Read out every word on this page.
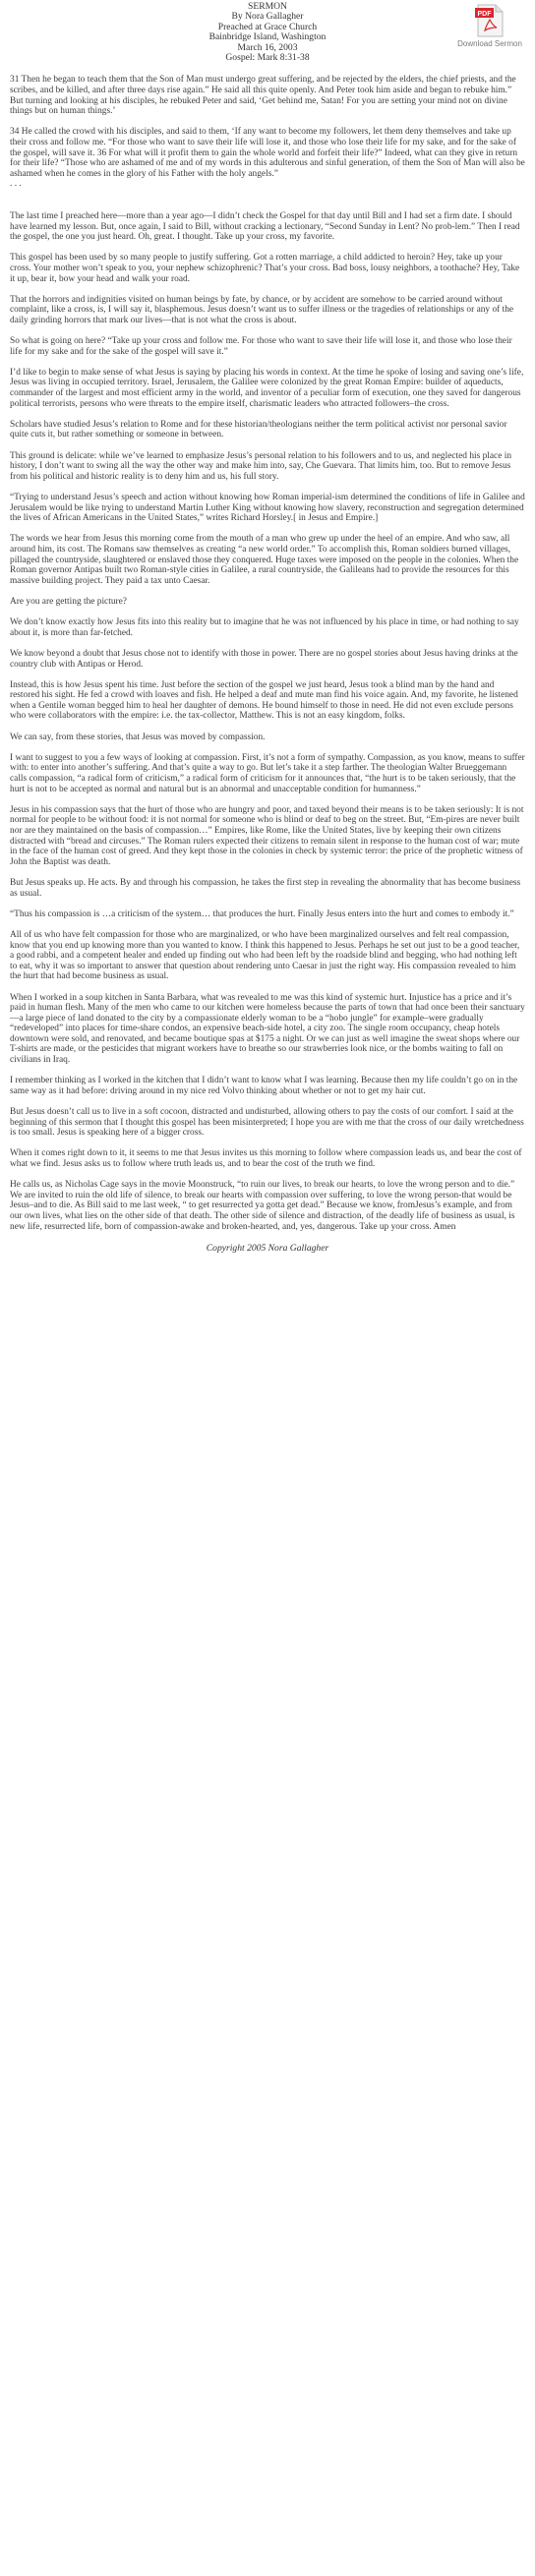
PDF
Download Sermon
SERMON
By Nora Gallagher
Preached at Grace Church
Bainbridge Island, Washington
March 16, 2003
Gospel: Mark 8:31-38

31 Then he began to teach them that the Son of Man must undergo great suffering, and be rejected by the elders, the chief priests, and the scribes, and be killed, and after three days rise again.” He said all this quite openly. And Peter took him aside and began to rebuke him.” But turning and looking at his disciples, he rebuked Peter and said, ‘Get behind me, Satan! For you are setting your mind not on divine things but on human things.’

34 He called the crowd with his disciples, and said to them, ‘If any want to become my followers, let them deny themselves and take up their cross and follow me. “For those who want to save their life will lose it, and those who lose their life for my sake, and for the sake of the gospel, will save it. 36 For what will it profit them to gain the whole world and forfeit their life?” Indeed, what can they give in return for their life? “Those who are ashamed of me and of my words in this adulterous and sinful generation, of them the Son of Man will also be ashamed when he comes in the glory of his Father with the holy angels.”

. . .

The last time I preached here—more than a year ago—I didn’t check the Gospel for that day until Bill and I had set a firm date. I should have learned my lesson. But, once again, I said to Bill, without cracking a lectionary, “Second Sunday in Lent? No prob-lem.” Then I read the gospel, the one you just heard. Oh, great. I thought. Take up your cross, my favorite.

This gospel has been used by so many people to justify suffering. Got a rotten marriage, a child addicted to heroin? Hey, take up your cross. Your mother won’t speak to you, your nephew schizophrenic? That’s your cross. Bad boss, lousy neighbors, a toothache? Hey, Take it up, bear it, bow your head and walk your road.

That the horrors and indignities visited on human beings by fate, by chance, or by accident are somehow to be carried around without complaint, like a cross, is, I will say it, blasphemous. Jesus doesn’t want us to suffer illness or the tragedies of relationships or any of the daily grinding horrors that mark our lives—that is not what the cross is about.

So what is going on here? “Take up your cross and follow me. For those who want to save their life will lose it, and those who lose their life for my sake and for the sake of the gospel will save it.”

I’d like to begin to make sense of what Jesus is saying by placing his words in context. At the time he spoke of losing and saving one’s life, Jesus was living in occupied territory. Israel, Jerusalem, the Galilee were colonized by the great Roman Empire: builder of aqueducts, commander of the largest and most efficient army in the world, and inventor of a peculiar form of execution, one they saved for dangerous political terrorists, persons who were threats to the empire itself, charismatic leaders who attracted followers–the cross.

Scholars have studied Jesus’s relation to Rome and for these historian/theologians neither the term political activist nor personal savior quite cuts it, but rather something or someone in between.

This ground is delicate: while we’ve learned to emphasize Jesus’s personal relation to his followers and to us, and neglected his place in history, I don’t want to swing all the way the other way and make him into, say, Che Guevara. That limits him, too. But to remove Jesus from his political and historic reality is to deny him and us, his full story.

“Trying to understand Jesus’s speech and action without knowing how Roman imperial-ism determined the conditions of life in Galilee and Jerusalem would be like trying to understand Martin Luther King without knowing how slavery, reconstruction and segregation determined the lives of African Americans in the United States,” writes Richard Horsley.[ in Jesus and Empire.]

The words we hear from Jesus this morning come from the mouth of a man who grew up under the heel of an empire. And who saw, all around him, its cost. The Romans saw themselves as creating “a new world order.” To accomplish this, Roman soldiers burned villages, pillaged the countryside, slaughtered or enslaved those they conquered. Huge taxes were imposed on the people in the colonies. When the Roman governor Antipas built two Roman-style cities in Galilee, a rural countryside, the Galileans had to provide the resources for this massive building project. They paid a tax unto Caesar.

Are you are getting the picture?

We don’t know exactly how Jesus fits into this reality but to imagine that he was not influenced by his place in time, or had nothing to say about it, is more than far-fetched.

We know beyond a doubt that Jesus chose not to identify with those in power. There are no gospel stories about Jesus having drinks at the country club with Antipas or Herod.

Instead, this is how Jesus spent his time. Just before the section of the gospel we just heard, Jesus took a blind man by the hand and restored his sight. He fed a crowd with loaves and fish. He helped a deaf and mute man find his voice again. And, my favorite, he listened when a Gentile woman begged him to heal her daughter of demons. He bound himself to those in need. He did not even exclude persons who were collaborators with the empire: i.e. the tax-collector, Matthew. This is not an easy kingdom, folks.

We can say, from these stories, that Jesus was moved by compassion.

I want to suggest to you a few ways of looking at compassion. First, it’s not a form of sympathy. Compassion, as you know, means to suffer with: to enter into another’s suffering. And that’s quite a way to go. But let’s take it a step farther. The theologian Walter Brueggemann calls compassion, “a radical form of criticism,” a radical form of criticism for it announces that, “the hurt is to be taken seriously, that the hurt is not to be accepted as normal and natural but is an abnormal and unacceptable condition for humanness.”

Jesus in his compassion says that the hurt of those who are hungry and poor, and taxed beyond their means is to be taken seriously: It is not normal for people to be without food: it is not normal for someone who is blind or deaf to beg on the street. But, “Em-pires are never built nor are they maintained on the basis of compassion…” Empires, like Rome, like the United States, live by keeping their own citizens distracted with “bread and circuses.” The Roman rulers expected their citizens to remain silent in response to the human cost of war; mute in the face of the human cost of greed. And they kept those in the colonies in check by systemic terror: the price of the prophetic witness of John the Baptist was death.

But Jesus speaks up. He acts. By and through his compassion, he takes the first step in revealing the abnormality that has become business as usual.

“Thus his compassion is …a criticism of the system… that produces the hurt. Finally Jesus enters into the hurt and comes to embody it.”

All of us who have felt compassion for those who are marginalized, or who have been marginalized ourselves and felt real compassion, know that you end up knowing more than you wanted to know. I think this happened to Jesus. Perhaps he set out just to be a good teacher, a good rabbi, and a competent healer and ended up finding out who had been left by the roadside blind and begging, who had nothing left to eat, why it was so important to answer that question about rendering unto Caesar in just the right way. His compassion revealed to him the hurt that had become business as usual.

When I worked in a soup kitchen in Santa Barbara, what was revealed to me was this kind of systemic hurt. Injustice has a price and it’s paid in human flesh. Many of the men who came to our kitchen were homeless because the parts of town that had once been their sanctuary—a large piece of land donated to the city by a compassionate elderly woman to be a “hobo jungle” for example–were gradually “redeveloped” into places for time-share condos, an expensive beach-side hotel, a city zoo. The single room occupancy, cheap hotels downtown were sold, and renovated, and became boutique spas at $175 a night. Or we can just as well imagine the sweat shops where our T-shirts are made, or the pesticides that migrant workers have to breathe so our strawberries look nice, or the bombs waiting to fall on civilians in Iraq.

I remember thinking as I worked in the kitchen that I didn’t want to know what I was learning. Because then my life couldn’t go on in the same way as it had before: driving around in my nice red Volvo thinking about whether or not to get my hair cut.

But Jesus doesn’t call us to live in a soft cocoon, distracted and undisturbed, allowing others to pay the costs of our comfort. I said at the beginning of this sermon that I thought this gospel has been misinterpreted; I hope you are with me that the cross of our daily wretchedness is too small. Jesus is speaking here of a bigger cross.

When it comes right down to it, it seems to me that Jesus invites us this morning to follow where compassion leads us, and bear the cost of what we find. Jesus asks us to follow where truth leads us, and to bear the cost of the truth we find.

He calls us, as Nicholas Cage says in the movie Moonstruck, “to ruin our lives, to break our hearts, to love the wrong person and to die.” We are invited to ruin the old life of silence, to break our hearts with compassion over suffering, to love the wrong person-that would be Jesus–and to die. As Bill said to me last week, “ to get resurrected ya gotta get dead.” Because we know, fromJesus’s example, and from our own lives, what lies on the other side of that death. The other side of silence and distraction, of the deadly life of business as usual, is new life, resurrected life, born of compassion-awake and broken-hearted, and, yes, dangerous. Take up your cross. Amen

Copyright 2005 Nora Gallagher
